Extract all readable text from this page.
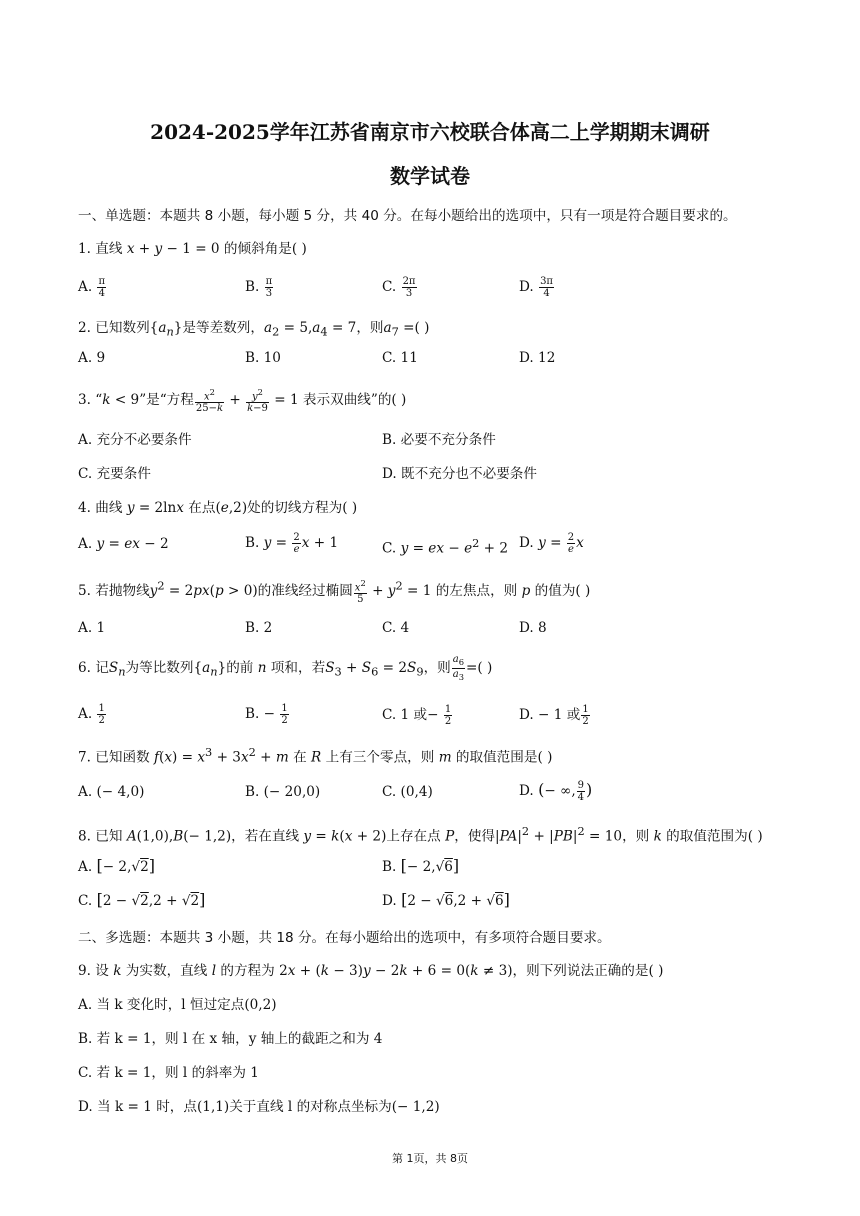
2024-2025学年江苏省南京市六校联合体高二上学期期末调研
数学试卷
一、单选题：本题共 8 小题，每小题 5 分，共 40 分。在每小题给出的选项中，只有一项是符合题目要求的。
1. 直线 x + y − 1 = 0 的倾斜角是( )
A. $\frac{\pi}{4}$	B. $\frac{\pi}{3}$	C. $\frac{2\pi}{3}$	D. $\frac{3\pi}{4}$
2. 已知数列$\{a_n\}$是等差数列，$a_2 = 5,a_4 = 7$，则$a_7$ =( )
A. 9	B. 10	C. 11	D. 12
3. “k < 9”是“方程 $\frac{x^2}{25-k} + \frac{y^2}{k-9} = 1$ 表示双曲线”的( )
A. 充分不必要条件	B. 必要不充分条件
C. 充要条件	D. 既不充分也不必要条件
4. 曲线 y = 2lnx 在点(e,2)处的切线方程为( )
A. y = ex − 2	B. $y = \frac{2}{e}$ x + 1	C. y = ex − $e^2 + 2$ D. $y = \frac{2}{e}$ x
5. 若抛物线$y^2 = 2px(p > 0)$的准线经过椭圆 $\frac{x^2}{5} + y^2 = 1$ 的左焦点，则 p 的值为( )
A. 1	B. 2	C. 4	D. 8
6. 记$S_n$为等比数列$\{a_n\}$的前 n 项和，若$S_3 + S_6 = 2S_9$，则 $\frac{a_6}{a_3}$ =( )
A. $\frac{1}{2}$	B. − $\frac{1}{2}$	C. 1 或− $\frac{1}{2}$	D. − 1 或 $\frac{1}{2}$
7. 已知函数 $f(x) = x^3 + 3x^2 + m$ 在 R 上有三个零点，则 m 的取值范围是( )
A. (− 4,0)	B. (− 20,0)	C. (0,4)	D. (− ∞, $\frac{9}{4}$ )
8. 已知 A(1,0),B(− 1,2)，若在直线 y = k(x + 2)上存在点 P，使得$|PA|^2 + |PB|^2 = 10$，则 k 的取值范围为( )
A. [− 2,√2]	B. [− 2,√6]
C. [2 − √2,2 + √2]	D. [2 − √6,2 + √6]
二、多选题：本题共 3 小题，共 18 分。在每小题给出的选项中，有多项符合题目要求。
9. 设 k 为实数，直线 l 的方程为 2x + (k − 3)y − 2k + 6 = 0(k ≠ 3)，则下列说法正确的是( )
A. 当 k 变化时，l 恒过定点(0,2)
B. 若 k = 1，则 l 在 x 轴，y 轴上的截距之和为 4
C. 若 k = 1，则 l 的斜率为 1
D. 当 k = 1 时，点(1,1)关于直线 l 的对称点坐标为(− 1,2)
第 1页，共 8页
